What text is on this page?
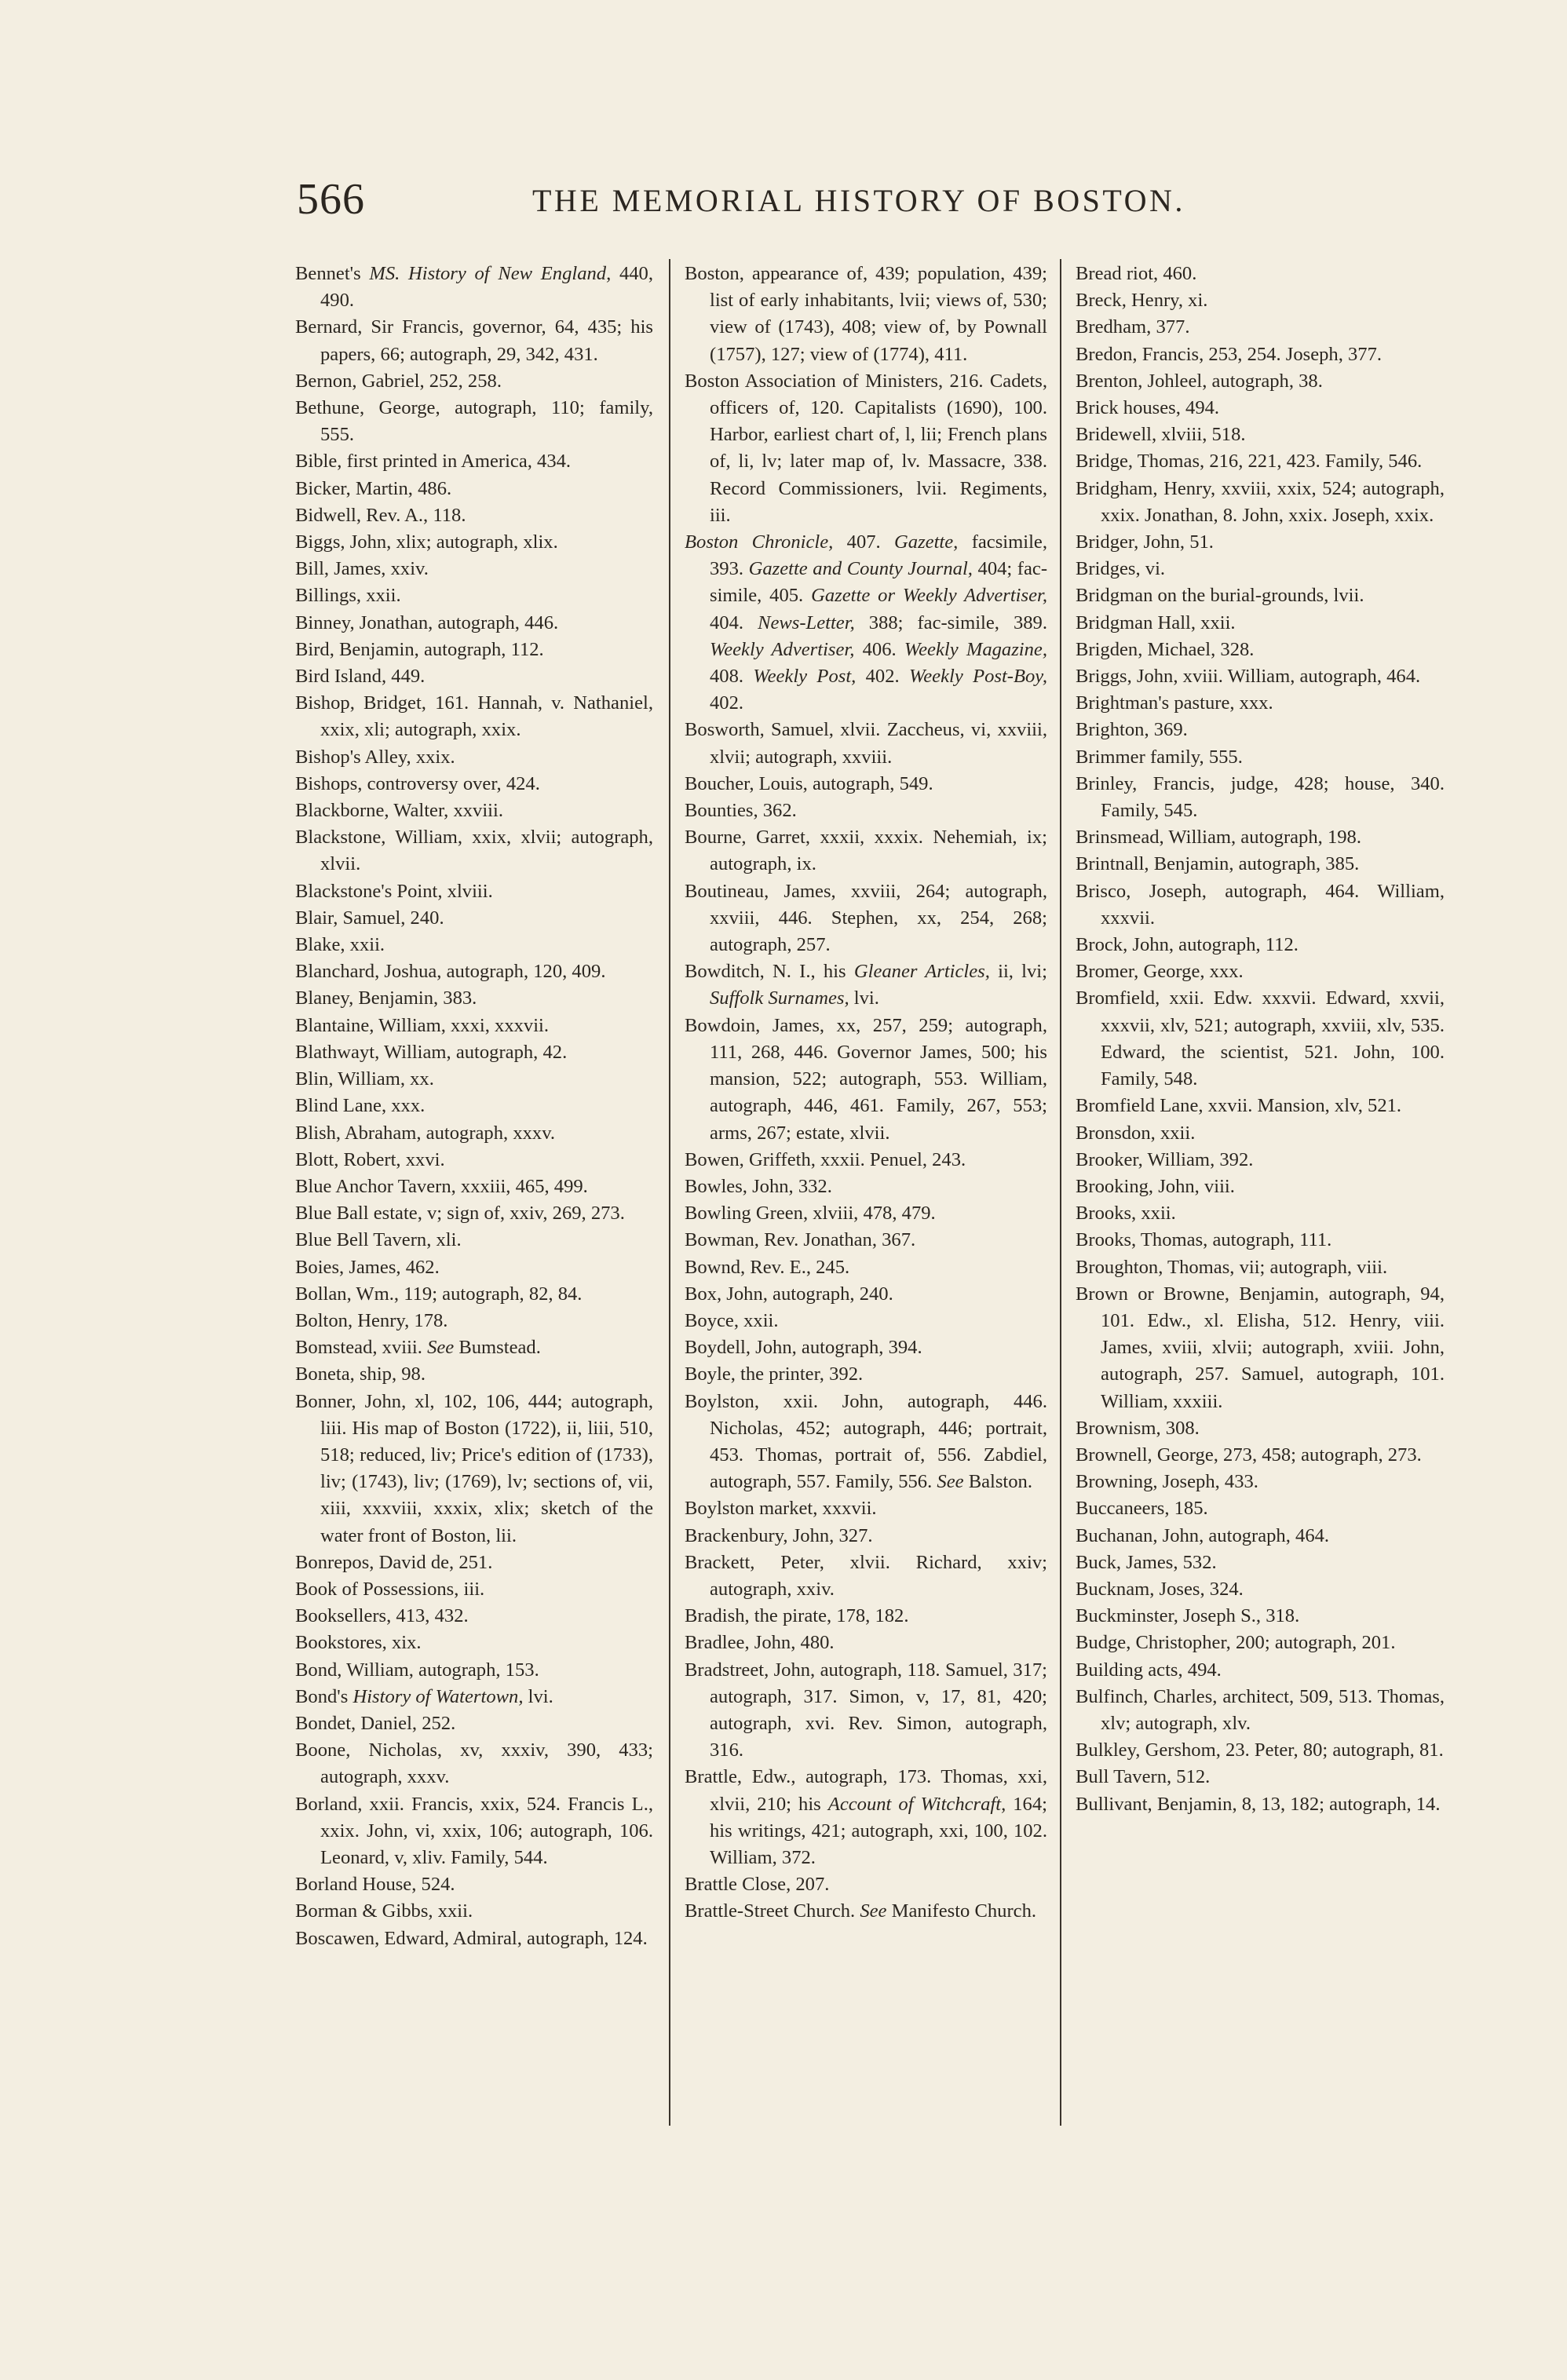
566	THE MEMORIAL HISTORY OF BOSTON.
Bennet's MS. History of New England, 440, 490.
Bernard, Sir Francis, governor, 64, 435; his papers, 66; autograph, 29, 342, 431.
Bernon, Gabriel, 252, 258.
Bethune, George, autograph, 110; family, 555.
Bible, first printed in America, 434.
Bicker, Martin, 486.
Bidwell, Rev. A., 118.
Biggs, John, xlix; autograph, xlix.
Bill, James, xxiv.
Billings, xxii.
Binney, Jonathan, autograph, 446.
Bird, Benjamin, autograph, 112.
Bird Island, 449.
Bishop, Bridget, 161. Hannah, v. Nathaniel, xxix, xli; autograph, xxix.
Bishop's Alley, xxix.
Bishops, controversy over, 424.
Blackborne, Walter, xxviii.
Blackstone, William, xxix, xlvii; autograph, xlvii.
Blackstone's Point, xlviii.
Blair, Samuel, 240.
Blake, xxii.
Blanchard, Joshua, autograph, 120, 409.
Blaney, Benjamin, 383.
Blantaine, William, xxxi, xxxvii.
Blathwayt, William, autograph, 42.
Blin, William, xx.
Blind Lane, xxx.
Blish, Abraham, autograph, xxxv.
Blott, Robert, xxvi.
Blue Anchor Tavern, xxxiii, 465, 499.
Blue Ball estate, v; sign of, xxiv, 269, 273.
Blue Bell Tavern, xli.
Boies, James, 462.
Bollan, Wm., 119; autograph, 82, 84.
Bolton, Henry, 178.
Bomstead, xviii. See Bumstead.
Boneta, ship, 98.
Bonner, John, xl, 102, 106, 444; autograph, liii. His map of Boston (1722), ii, liii, 510, 518; reduced, liv; Price's edition of (1733), liv; (1743), liv; (1769), lv; sections of, vii, xiii, xxxviii, xxxix, xlix; sketch of the water front of Boston, lii.
Bonrepos, David de, 251.
Book of Possessions, iii.
Booksellers, 413, 432.
Bookstores, xix.
Bond, William, autograph, 153.
Bond's History of Watertown, lvi.
Bondet, Daniel, 252.
Boone, Nicholas, xv, xxxiv, 390, 433; autograph, xxxv.
Borland, xxii. Francis, xxix, 524. Francis L., xxix. John, vi, xxix, 106; autograph, 106. Leonard, v, xliv. Family, 544.
Borland House, 524.
Borman & Gibbs, xxii.
Boscawen, Edward, Admiral, autograph, 124.
Boston, appearance of, 439; population, 439; list of early inhabitants, lvii; views of, 530; view of (1743), 408; view of, by Pownall (1757), 127; view of (1774), 411.
Boston Association of Ministers, 216. Cadets, officers of, 120. Capitalists (1690), 100. Harbor, earliest chart of, l, lii; French plans of, li, lv; later map of, lv. Massacre, 338. Record Commissioners, lvii. Regiments, iii.
Boston Chronicle, 407. Gazette, facsimile, 393. Gazette and County Journal, 404; fac-simile, 405. Gazette or Weekly Advertiser, 404. News-Letter, 388; fac-simile, 389. Weekly Advertiser, 406. Weekly Magazine, 408. Weekly Post, 402. Weekly Post-Boy, 402.
Bosworth, Samuel, xlvii. Zaccheus, vi, xxviii, xlvii; autograph, xxviii.
Boucher, Louis, autograph, 549.
Bounties, 362.
Bourne, Garret, xxxii, xxxix. Nehemiah, ix; autograph, ix.
Boutineau, James, xxviii, 264; autograph, xxviii, 446. Stephen, xx, 254, 268; autograph, 257.
Bowditch, N. I., his Gleaner Articles, ii, lvi; Suffolk Surnames, lvi.
Bowdoin, James, xx, 257, 259; autograph, 111, 268, 446. Governor James, 500; his mansion, 522; autograph, 553. William, autograph, 446, 461. Family, 267, 553; arms, 267; estate, xlvii.
Bowen, Griffeth, xxxii. Penuel, 243.
Bowles, John, 332.
Bowling Green, xlviii, 478, 479.
Bowman, Rev. Jonathan, 367.
Bownd, Rev. E., 245.
Box, John, autograph, 240.
Boyce, xxii.
Boydell, John, autograph, 394.
Boyle, the printer, 392.
Boylston, xxii. John, autograph, 446. Nicholas, 452; autograph, 446; portrait, 453. Thomas, portrait of, 556. Zabdiel, autograph, 557. Family, 556. See Balston.
Boylston market, xxxvii.
Brackenbury, John, 327.
Brackett, Peter, xlvii. Richard, xxiv; autograph, xxiv.
Bradish, the pirate, 178, 182.
Bradlee, John, 480.
Bradstreet, John, autograph, 118. Samuel, 317; autograph, 317. Simon, v, 17, 81, 420; autograph, xvi. Rev. Simon, autograph, 316.
Brattle, Edw., autograph, 173. Thomas, xxi, xlvii, 210; his Account of Witchcraft, 164; his writings, 421; autograph, xxi, 100, 102. William, 372.
Brattle Close, 207.
Brattle-Street Church. See Manifesto Church.
Bread riot, 460.
Breck, Henry, xi.
Bredham, 377.
Bredon, Francis, 253, 254. Joseph, 377.
Brenton, Johleel, autograph, 38.
Brick houses, 494.
Bridewell, xlviii, 518.
Bridge, Thomas, 216, 221, 423. Family, 546.
Bridgham, Henry, xxviii, xxix, 524; autograph, xxix. Jonathan, 8. John, xxix. Joseph, xxix.
Bridger, John, 51.
Bridges, vi.
Bridgman on the burial-grounds, lvii.
Bridgman Hall, xxii.
Brigden, Michael, 328.
Briggs, John, xviii. William, autograph, 464.
Brightman's pasture, xxx.
Brighton, 369.
Brimmer family, 555.
Brinley, Francis, judge, 428; house, 340. Family, 545.
Brinsmead, William, autograph, 198.
Brintnall, Benjamin, autograph, 385.
Brisco, Joseph, autograph, 464. William, xxxvii.
Brock, John, autograph, 112.
Bromer, George, xxx.
Bromfield, xxii. Edw. xxxvii. Edward, xxvii, xxxvii, xlv, 521; autograph, xxviii, xlv, 535. Edward, the scientist, 521. John, 100. Family, 548.
Bromfield Lane, xxvii. Mansion, xlv, 521.
Bronsdon, xxii.
Brooker, William, 392.
Brooking, John, viii.
Brooks, xxii.
Brooks, Thomas, autograph, 111.
Broughton, Thomas, vii; autograph, viii.
Brown or Browne, Benjamin, autograph, 94, 101. Edw., xl. Elisha, 512. Henry, viii. James, xviii, xlvii; autograph, xviii. John, autograph, 257. Samuel, autograph, 101. William, xxxiii.
Brownism, 308.
Brownell, George, 273, 458; autograph, 273.
Browning, Joseph, 433.
Buccaneers, 185.
Buchanan, John, autograph, 464.
Buck, James, 532.
Bucknam, Joses, 324.
Buckminster, Joseph S., 318.
Budge, Christopher, 200; autograph, 201.
Building acts, 494.
Bulfinch, Charles, architect, 509, 513. Thomas, xlv; autograph, xlv.
Bulkley, Gershom, 23. Peter, 80; autograph, 81.
Bull Tavern, 512.
Bullivant, Benjamin, 8, 13, 182; autograph, 14.
